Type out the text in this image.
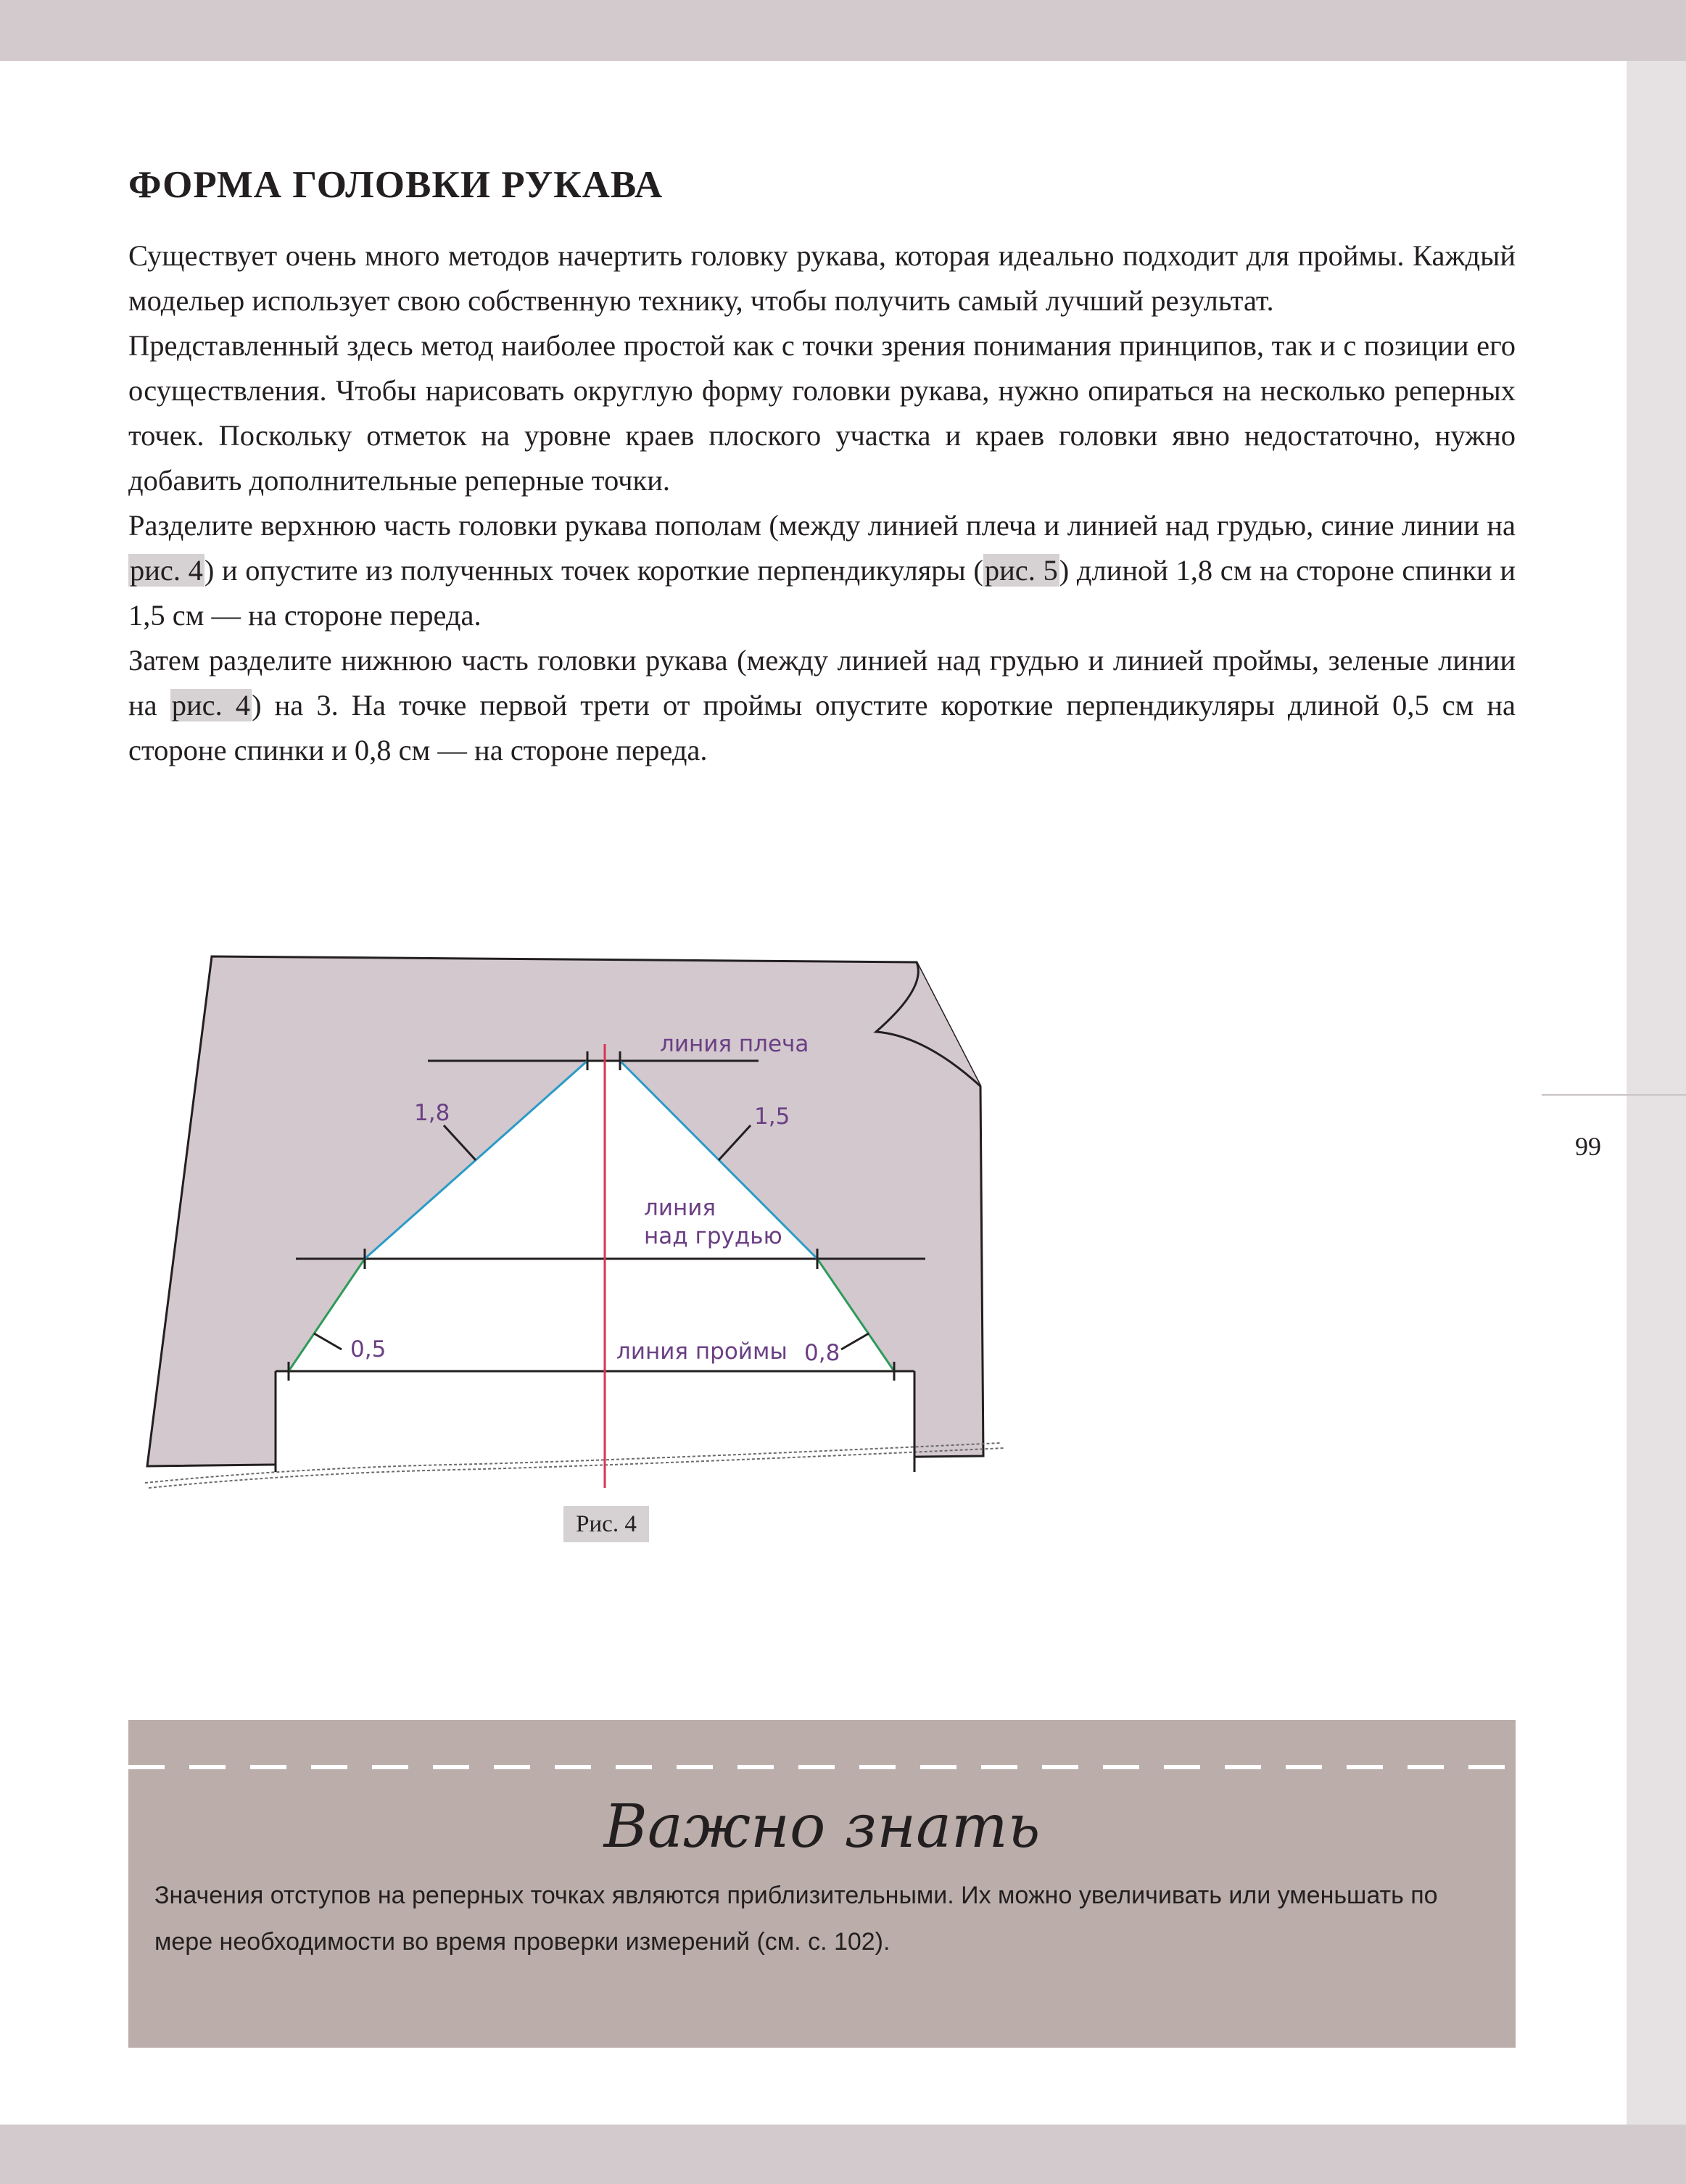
99
ФОРМА ГОЛОВКИ РУКАВА

Существует очень много методов начертить головку рукава, которая идеально подходит для проймы. Каждый модельер использует свою собственную технику, чтобы получить самый лучший результат.

Представленный здесь метод наиболее простой как с точки зрения понимания принципов, так и с позиции его осуществления. Чтобы нарисовать округлую форму головки рукава, нужно опираться на несколько реперных точек. Поскольку отметок на уровне краев плоского участка и краев головки явно недостаточно, нужно добавить дополнительные реперные точки.

Разделите верхнюю часть головки рукава пополам (между линией плеча и линией над грудью, синие линии на рис. 4) и опустите из полученных точек короткие перпендикуляры (рис. 5) длиной 1,8 см на стороне спинки и 1,5 см — на стороне переда.

Затем разделите нижнюю часть головки рукава (между линией над грудью и линией проймы, зеленые линии на рис. 4) на 3. На точке первой трети от проймы опустите короткие перпендикуляры длиной 0,5 см на стороне спинки и 0,8 см — на стороне переда.

линия плеча
1,8	1,5
линия
над грудью
0,5	линия проймы 0,8
Рис. 4
Важно знать

Значения отступов на реперных точках являются приблизительными. Их можно увеличивать или уменьшать по мере необходимости во время проверки измерений (см. с. 102).
